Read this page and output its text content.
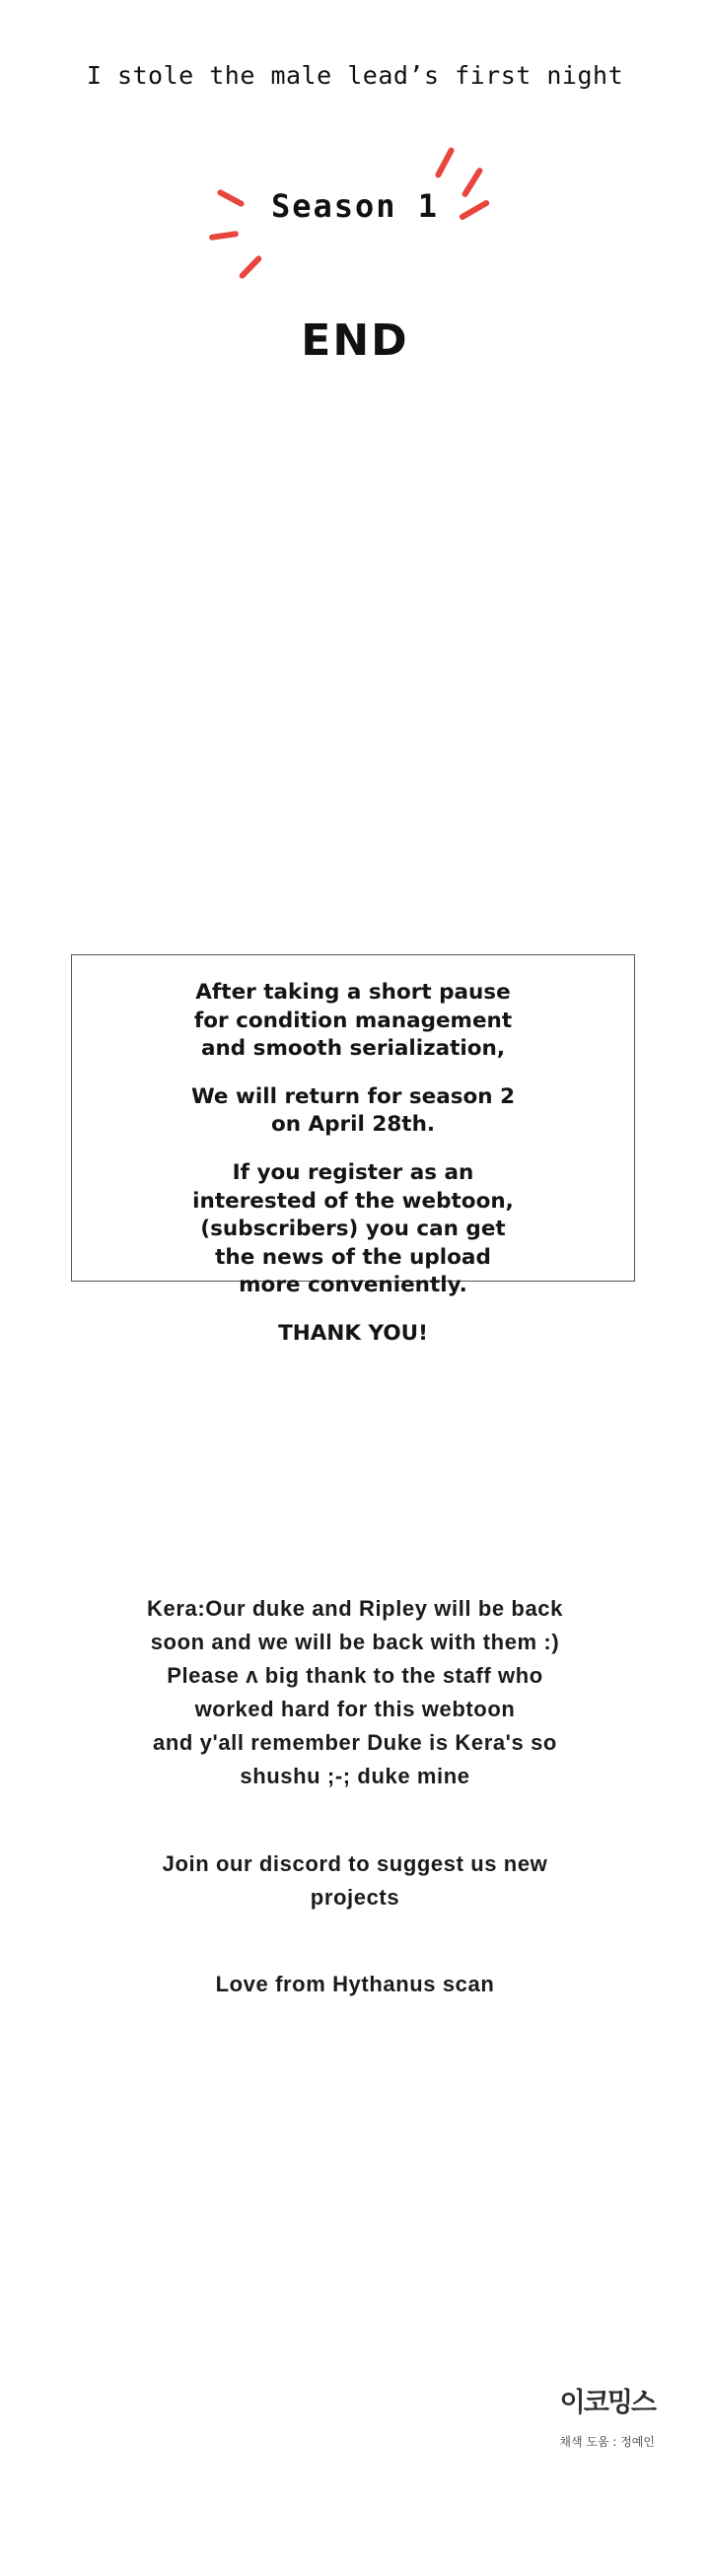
I stole the male lead’s first night
Season 1
END

After taking a short pause
for condition management
and smooth serialization,

We will return for season 2
on April 28th.

If you register as an
interested of the webtoon,
(subscribers) you can get
the news of the upload
more conveniently.

THANK YOU!

Kera:Our duke and Ripley will be back
soon and we will be back with them :)
Please ʌ big thank to the staff who
worked hard for this webtoon
and y'all remember Duke is Kera's so
shushu ;-; duke mine
Join our discord to suggest us new
projects
Love from Hythanus scan
이코밍스
채색 도움 : 정예인
